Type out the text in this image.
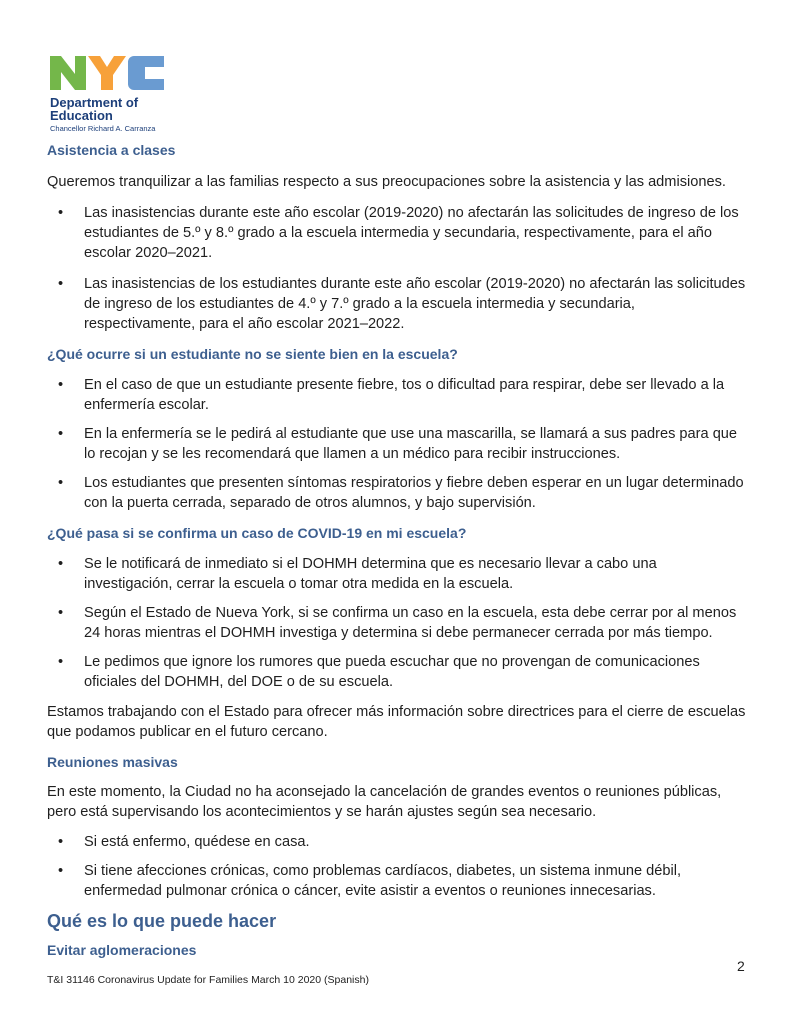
Department of Education
Chancellor Richard A. Carranza
Asistencia a clases

Queremos tranquilizar a las familias respecto a sus preocupaciones sobre la asistencia y las admisiones.

• Las inasistencias durante este año escolar (2019-2020) no afectarán las solicitudes de ingreso de los estudiantes de 5.º y 8.º grado a la escuela intermedia y secundaria, respectivamente, para el año escolar 2020–2021.
• Las inasistencias de los estudiantes durante este año escolar (2019-2020) no afectarán las solicitudes de ingreso de los estudiantes de 4.º y 7.º grado a la escuela intermedia y secundaria, respectivamente, para el año escolar 2021–2022.
¿Qué ocurre si un estudiante no se siente bien en la escuela?
• En el caso de que un estudiante presente fiebre, tos o dificultad para respirar, debe ser llevado a la enfermería escolar.
• En la enfermería se le pedirá al estudiante que use una mascarilla, se llamará a sus padres para que lo recojan y se les recomendará que llamen a un médico para recibir instrucciones.
• Los estudiantes que presenten síntomas respiratorios y fiebre deben esperar en un lugar determinado con la puerta cerrada, separado de otros alumnos, y bajo supervisión.
¿Qué pasa si se confirma un caso de COVID-19 en mi escuela?
• Se le notificará de inmediato si el DOHMH determina que es necesario llevar a cabo una investigación, cerrar la escuela o tomar otra medida en la escuela.
• Según el Estado de Nueva York, si se confirma un caso en la escuela, esta debe cerrar por al menos 24 horas mientras el DOHMH investiga y determina si debe permanecer cerrada por más tiempo.
• Le pedimos que ignore los rumores que pueda escuchar que no provengan de comunicaciones oficiales del DOHMH, del DOE o de su escuela.

Estamos trabajando con el Estado para ofrecer más información sobre directrices para el cierre de escuelas que podamos publicar en el futuro cercano.

Reuniones masivas

En este momento, la Ciudad no ha aconsejado la cancelación de grandes eventos o reuniones públicas, pero está supervisando los acontecimientos y se harán ajustes según sea necesario.

• Si está enfermo, quédese en casa.
• Si tiene afecciones crónicas, como problemas cardíacos, diabetes, un sistema inmune débil, enfermedad pulmonar crónica o cáncer, evite asistir a eventos o reuniones innecesarias.
Qué es lo que puede hacer
Evitar aglomeraciones
2
T&I 31146 Coronavirus Update for Families March 10 2020 (Spanish)
